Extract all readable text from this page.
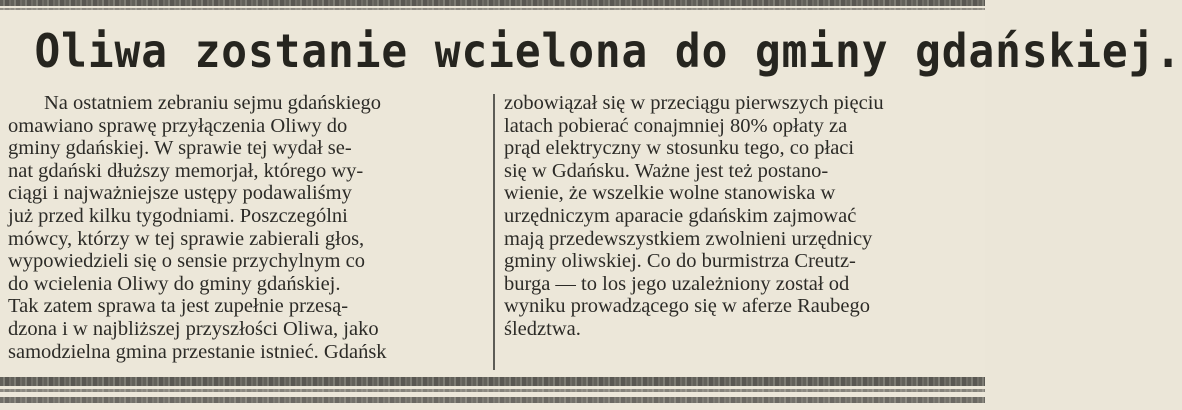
Oliwa zostanie wcielona do gminy gdańskiej.
Na ostatniem zebraniu sejmu gdańskiego
omawiano sprawę przyłączenia Oliwy do
gminy gdańskiej. W sprawie tej wydał se-
nat gdański dłuższy memorjał, którego wy-
ciągi i najważniejsze ustępy podawaliśmy
już przed kilku tygodniami. Poszczególni
mówcy, którzy w tej sprawie zabierali głos,
wypowiedzieli się o sensie przychylnym co
do wcielenia Oliwy do gminy gdańskiej.
Tak zatem sprawa ta jest zupełnie przesą-
dzona i w najbliższej przyszłości Oliwa, jako
samodzielna gmina przestanie istnieć. Gdańsk
zobowiązał się w przeciągu pierwszych pięciu
latach pobierać conajmniej 80% opłaty za
prąd elektryczny w stosunku tego, co płaci
się w Gdańsku. Ważne jest też postano-
wienie, że wszelkie wolne stanowiska w
urzędniczym aparacie gdańskim zajmować
mają przedewszystkiem zwolnieni urzędnicy
gminy oliwskiej. Co do burmistrza Creutz-
burga — to los jego uzależniony został od
wyniku prowadzącego się w aferze Raubego
śledztwa.
